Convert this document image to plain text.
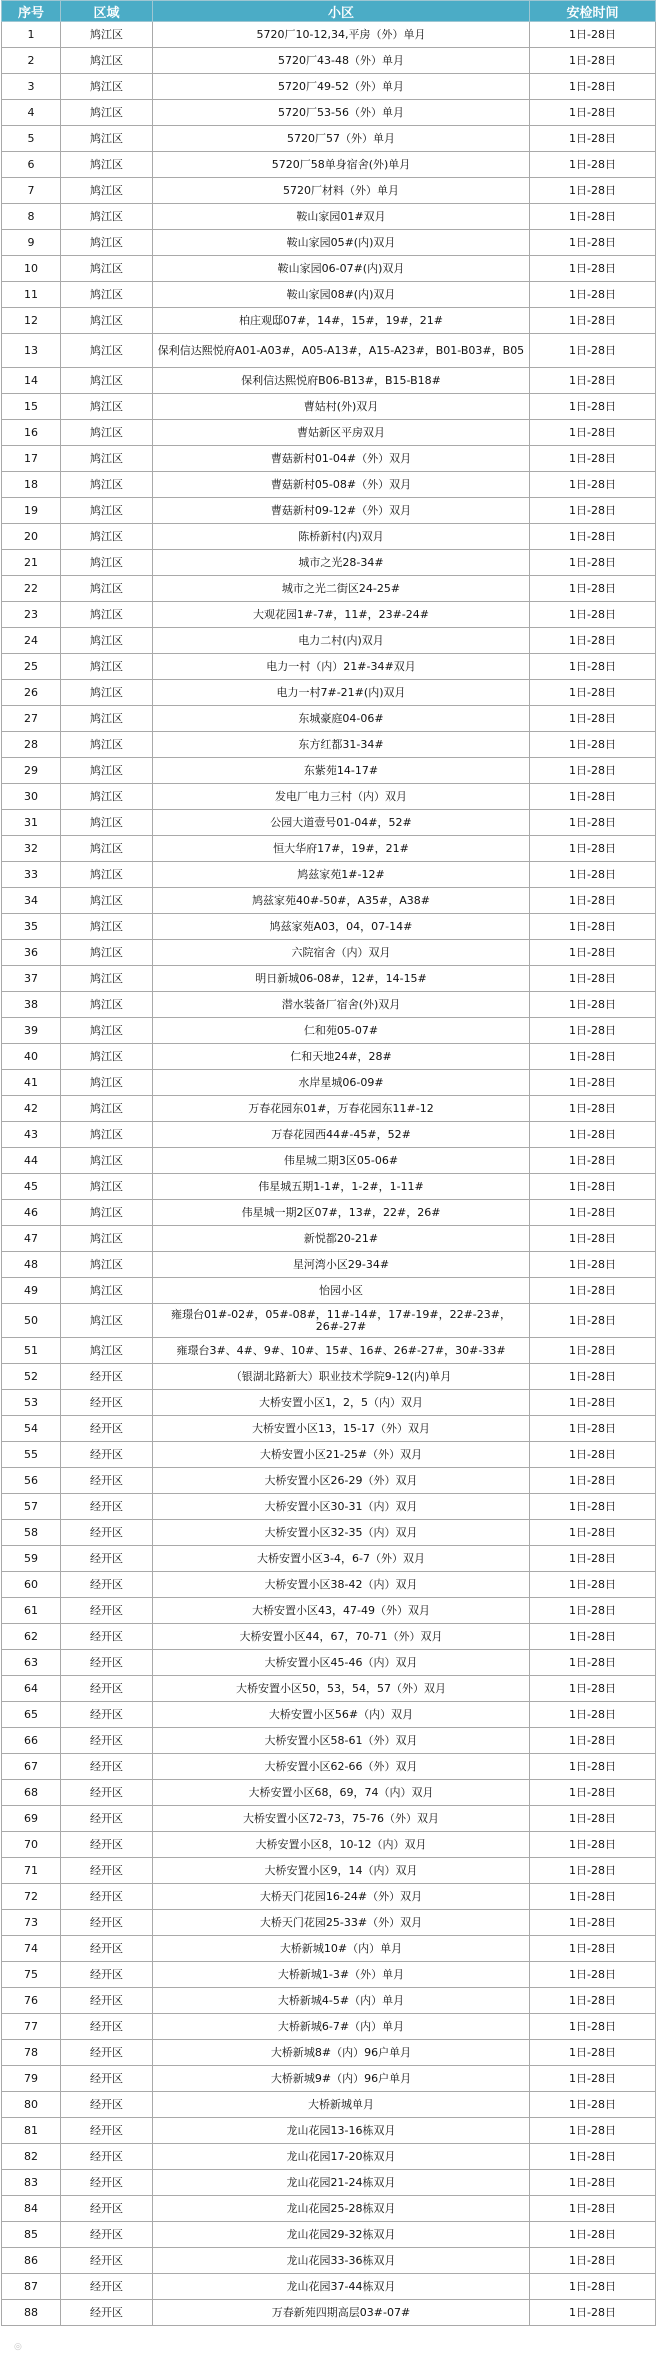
序号	区域	小区	安检时间
1	鸠江区	5720厂10-12,34,平房（外）单月	1日-28日
2	鸠江区	5720厂43-48（外）单月	1日-28日
3	鸠江区	5720厂49-52（外）单月	1日-28日
4	鸠江区	5720厂53-56（外）单月	1日-28日
5	鸠江区	5720厂57（外）单月	1日-28日
6	鸠江区	5720厂58单身宿舍(外)单月	1日-28日
7	鸠江区	5720厂材料（外）单月	1日-28日
8	鸠江区	鞍山家园01#双月	1日-28日
9	鸠江区	鞍山家园05#(内)双月	1日-28日
10	鸠江区	鞍山家园06-07#(内)双月	1日-28日
11	鸠江区	鞍山家园08#(内)双月	1日-28日
12	鸠江区	柏庄观邸07#，14#，15#，19#，21#	1日-28日
13	鸠江区	保利信达熙悦府A01-A03#，A05-A13#，A15-A23#，B01-B03#，B05	1日-28日
14	鸠江区	保利信达熙悦府B06-B13#，B15-B18#	1日-28日
15	鸠江区	曹姑村(外)双月	1日-28日
16	鸠江区	曹姑新区平房双月	1日-28日
17	鸠江区	曹菇新村01-04#（外）双月	1日-28日
18	鸠江区	曹菇新村05-08#（外）双月	1日-28日
19	鸠江区	曹菇新村09-12#（外）双月	1日-28日
20	鸠江区	陈桥新村(内)双月	1日-28日
21	鸠江区	城市之光28-34#	1日-28日
22	鸠江区	城市之光二街区24-25#	1日-28日
23	鸠江区	大观花园1#-7#，11#，23#-24#	1日-28日
24	鸠江区	电力二村(内)双月	1日-28日
25	鸠江区	电力一村（内）21#-34#双月	1日-28日
26	鸠江区	电力一村7#-21#(内)双月	1日-28日
27	鸠江区	东城豪庭04-06#	1日-28日
28	鸠江区	东方红都31-34#	1日-28日
29	鸠江区	东紫苑14-17#	1日-28日
30	鸠江区	发电厂电力三村（内）双月	1日-28日
31	鸠江区	公园大道壹号01-04#，52#	1日-28日
32	鸠江区	恒大华府17#，19#，21#	1日-28日
33	鸠江区	鸠兹家苑1#-12#	1日-28日
34	鸠江区	鸠兹家苑40#-50#，A35#，A38#	1日-28日
35	鸠江区	鸠兹家苑A03，04，07-14#	1日-28日
36	鸠江区	六院宿舍（内）双月	1日-28日
37	鸠江区	明日新城06-08#，12#，14-15#	1日-28日
38	鸠江区	潜水装备厂宿舍(外)双月	1日-28日
39	鸠江区	仁和苑05-07#	1日-28日
40	鸠江区	仁和天地24#，28#	1日-28日
41	鸠江区	水岸星城06-09#	1日-28日
42	鸠江区	万春花园东01#，万春花园东11#-12	1日-28日
43	鸠江区	万春花园西44#-45#，52#	1日-28日
44	鸠江区	伟星城二期3区05-06#	1日-28日
45	鸠江区	伟星城五期1-1#，1-2#，1-11#	1日-28日
46	鸠江区	伟星城一期2区07#，13#，22#，26#	1日-28日
47	鸠江区	新悦都20-21#	1日-28日
48	鸠江区	星河湾小区29-34#	1日-28日
49	鸠江区	怡园小区	1日-28日
50	鸠江区	雍璟台01#-02#，05#-08#，11#-14#，17#-19#，22#-23#，26#-27#	1日-28日
51	鸠江区	雍璟台3#、4#、9#、10#、15#、16#、26#-27#，30#-33#	1日-28日
52	经开区	（银湖北路新大）职业技术学院9-12(内)单月	1日-28日
53	经开区	大桥安置小区1，2，5（内）双月	1日-28日
54	经开区	大桥安置小区13，15-17（外）双月	1日-28日
55	经开区	大桥安置小区21-25#（外）双月	1日-28日
56	经开区	大桥安置小区26-29（外）双月	1日-28日
57	经开区	大桥安置小区30-31（内）双月	1日-28日
58	经开区	大桥安置小区32-35（内）双月	1日-28日
59	经开区	大桥安置小区3-4，6-7（外）双月	1日-28日
60	经开区	大桥安置小区38-42（内）双月	1日-28日
61	经开区	大桥安置小区43，47-49（外）双月	1日-28日
62	经开区	大桥安置小区44，67，70-71（外）双月	1日-28日
63	经开区	大桥安置小区45-46（内）双月	1日-28日
64	经开区	大桥安置小区50，53，54，57（外）双月	1日-28日
65	经开区	大桥安置小区56#（内）双月	1日-28日
66	经开区	大桥安置小区58-61（外）双月	1日-28日
67	经开区	大桥安置小区62-66（外）双月	1日-28日
68	经开区	大桥安置小区68，69，74（内）双月	1日-28日
69	经开区	大桥安置小区72-73，75-76（外）双月	1日-28日
70	经开区	大桥安置小区8，10-12（内）双月	1日-28日
71	经开区	大桥安置小区9，14（内）双月	1日-28日
72	经开区	大桥天门花园16-24#（外）双月	1日-28日
73	经开区	大桥天门花园25-33#（外）双月	1日-28日
74	经开区	大桥新城10#（内）单月	1日-28日
75	经开区	大桥新城1-3#（外）单月	1日-28日
76	经开区	大桥新城4-5#（内）单月	1日-28日
77	经开区	大桥新城6-7#（内）单月	1日-28日
78	经开区	大桥新城8#（内）96户单月	1日-28日
79	经开区	大桥新城9#（内）96户单月	1日-28日
80	经开区	大桥新城单月	1日-28日
81	经开区	龙山花园13-16栋双月	1日-28日
82	经开区	龙山花园17-20栋双月	1日-28日
83	经开区	龙山花园21-24栋双月	1日-28日
84	经开区	龙山花园25-28栋双月	1日-28日
85	经开区	龙山花园29-32栋双月	1日-28日
86	经开区	龙山花园33-36栋双月	1日-28日
87	经开区	龙山花园37-44栋双月	1日-28日
88	经开区	万春新苑四期高层03#-07#	1日-28日
◎
